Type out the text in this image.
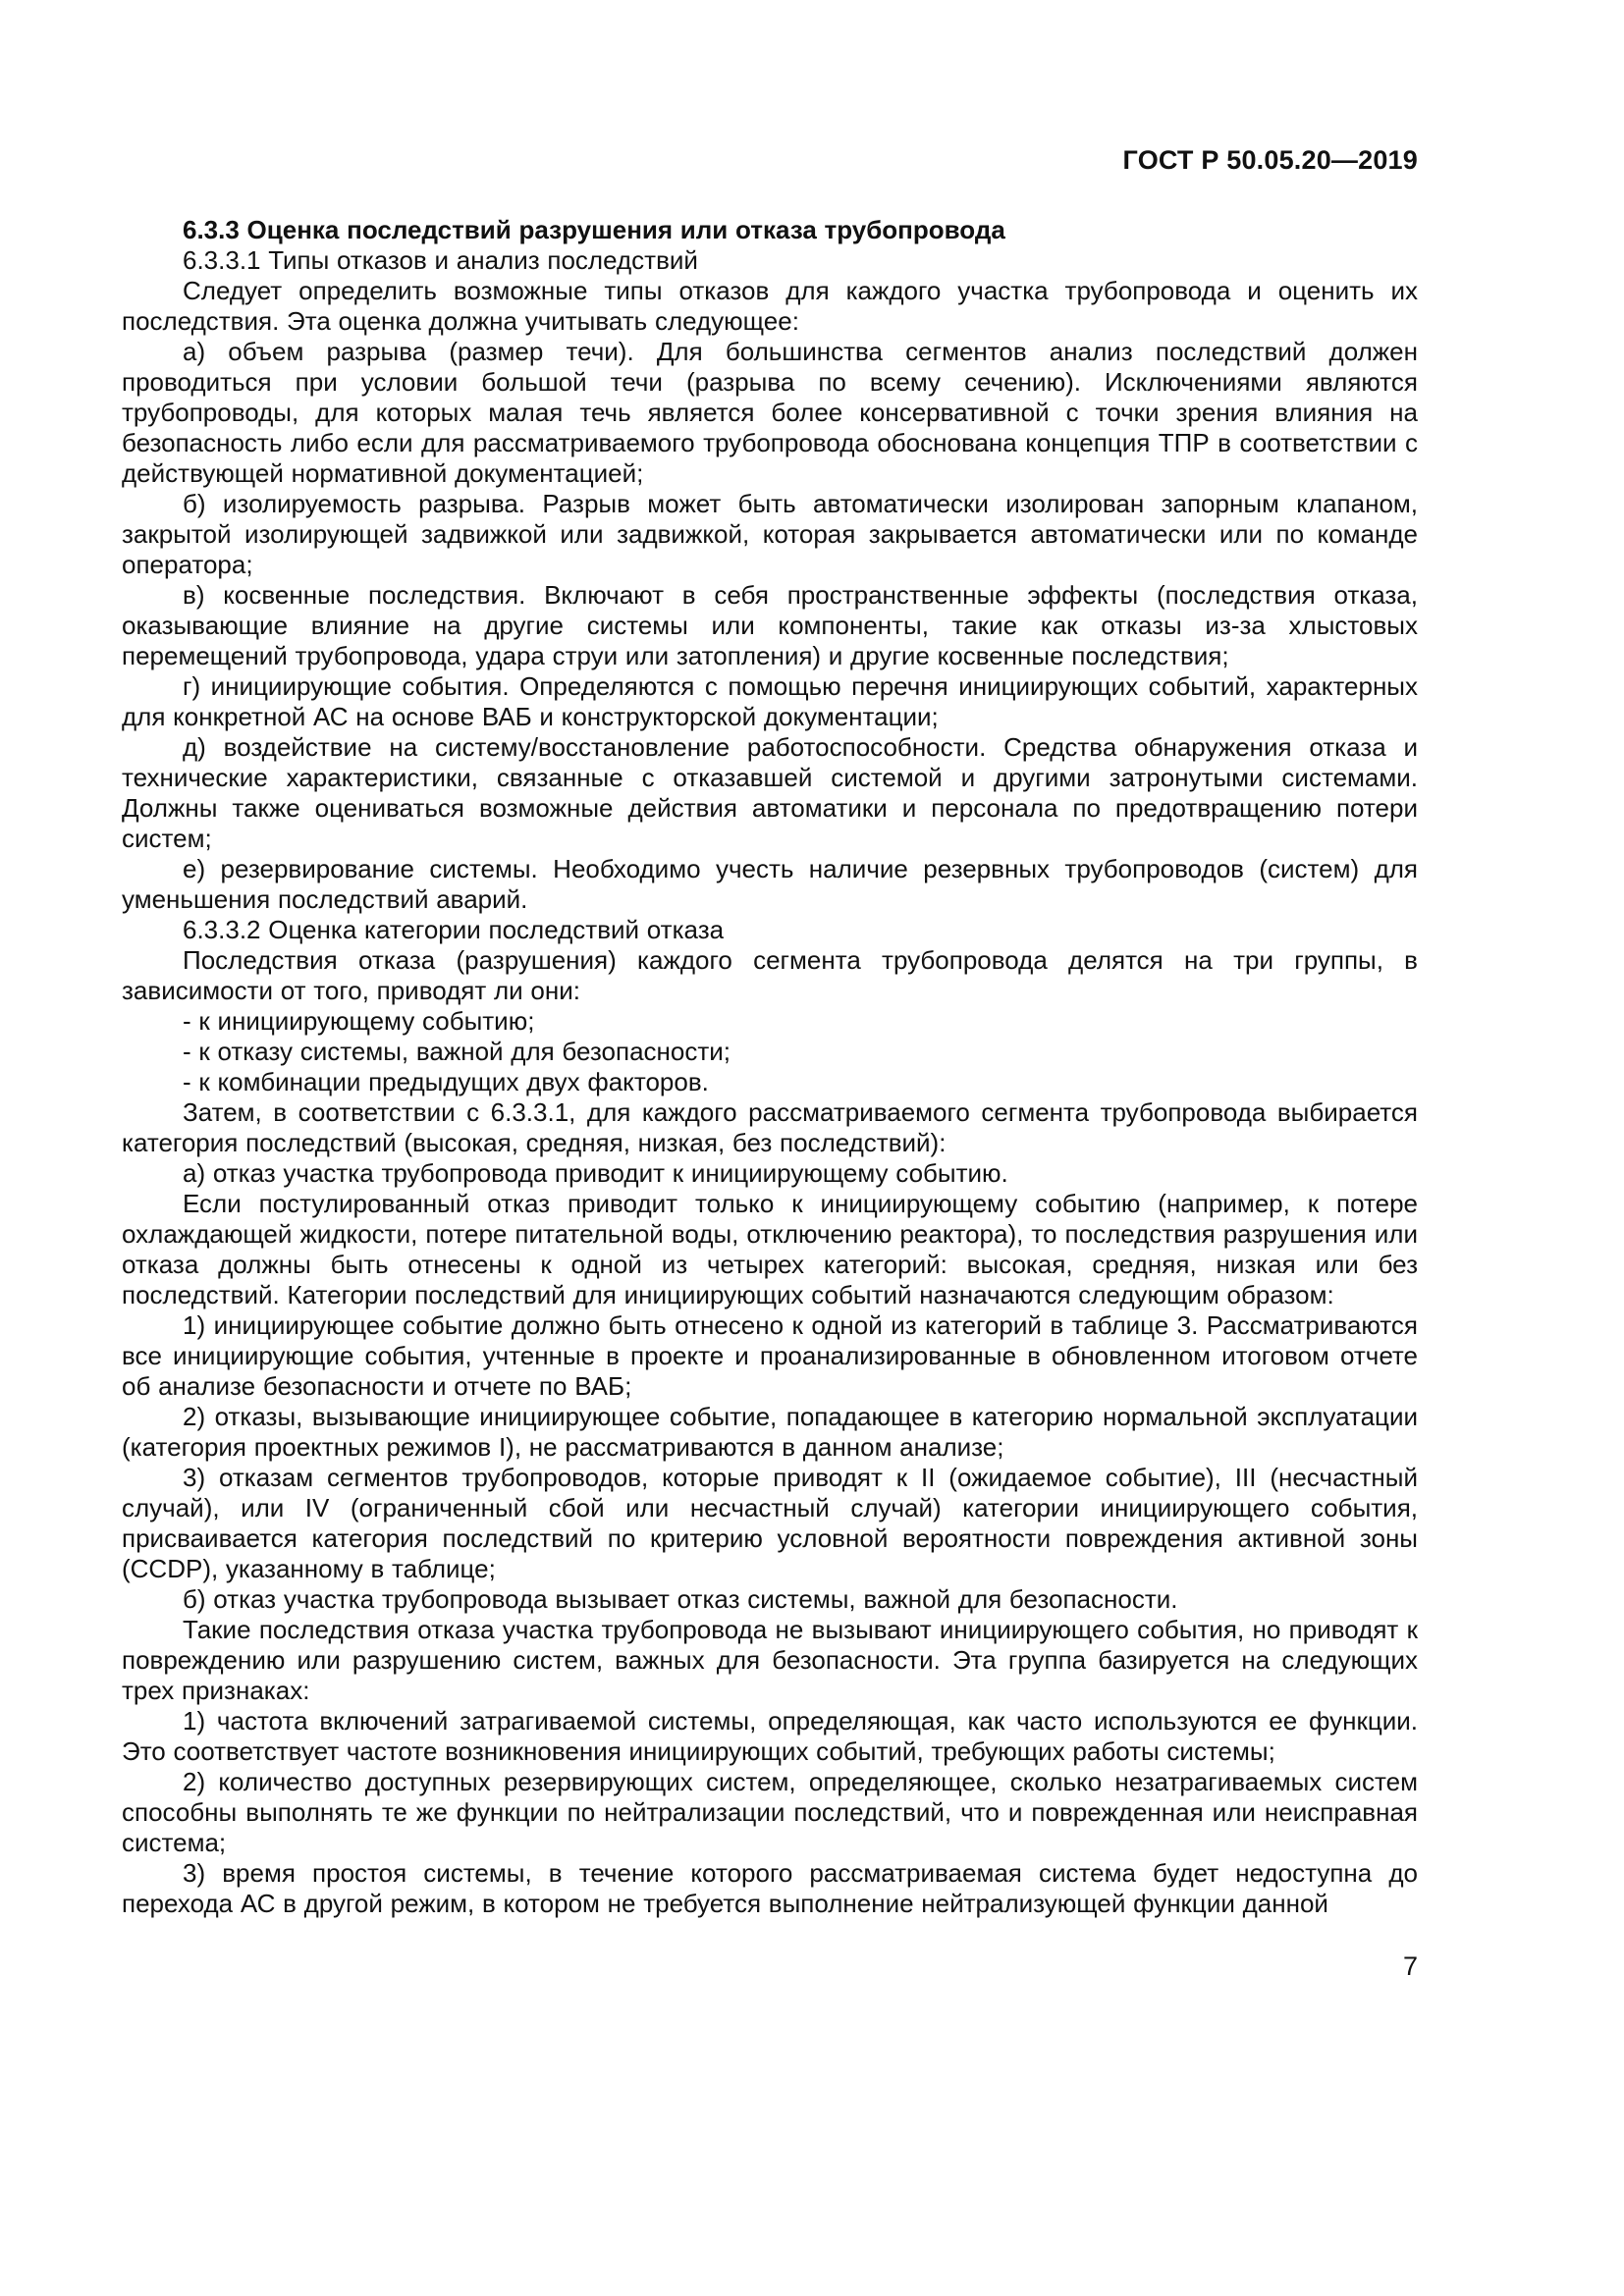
ГОСТ Р 50.05.20—2019

6.3.3 Оценка последствий разрушения или отказа трубопровода

6.3.3.1 Типы отказов и анализ последствий

Следует определить возможные типы отказов для каждого участка трубопровода и оценить их последствия. Эта оценка должна учитывать следующее:

а) объем разрыва (размер течи). Для большинства сегментов анализ последствий должен проводиться при условии большой течи (разрыва по всему сечению). Исключениями являются трубопроводы, для которых малая течь является более консервативной с точки зрения влияния на безопасность либо если для рассматриваемого трубопровода обоснована концепция ТПР в соответствии с действующей нормативной документацией;

б) изолируемость разрыва. Разрыв может быть автоматически изолирован запорным клапаном, закрытой изолирующей задвижкой или задвижкой, которая закрывается автоматически или по команде оператора;

в) косвенные последствия. Включают в себя пространственные эффекты (последствия отказа, оказывающие влияние на другие системы или компоненты, такие как отказы из-за хлыстовых перемещений трубопровода, удара струи или затопления) и другие косвенные последствия;

г) инициирующие события. Определяются с помощью перечня инициирующих событий, характерных для конкретной АС на основе ВАБ и конструкторской документации;

д) воздействие на систему/восстановление работоспособности. Средства обнаружения отказа и технические характеристики, связанные с отказавшей системой и другими затронутыми системами. Должны также оцениваться возможные действия автоматики и персонала по предотвращению потери систем;

е) резервирование системы. Необходимо учесть наличие резервных трубопроводов (систем) для уменьшения последствий аварий.

6.3.3.2 Оценка категории последствий отказа

Последствия отказа (разрушения) каждого сегмента трубопровода делятся на три группы, в зависимости от того, приводят ли они:

- к инициирующему событию;

- к отказу системы, важной для безопасности;

- к комбинации предыдущих двух факторов.

Затем, в соответствии с 6.3.3.1, для каждого рассматриваемого сегмента трубопровода выбирается категория последствий (высокая, средняя, низкая, без последствий):

а) отказ участка трубопровода приводит к инициирующему событию.

Если постулированный отказ приводит только к инициирующему событию (например, к потере охлаждающей жидкости, потере питательной воды, отключению реактора), то последствия разрушения или отказа должны быть отнесены к одной из четырех категорий: высокая, средняя, низкая или без последствий. Категории последствий для инициирующих событий назначаются следующим образом:

1) инициирующее событие должно быть отнесено к одной из категорий в таблице 3. Рассматриваются все инициирующие события, учтенные в проекте и проанализированные в обновленном итоговом отчете об анализе безопасности и отчете по ВАБ;

2) отказы, вызывающие инициирующее событие, попадающее в категорию нормальной эксплуатации (категория проектных режимов I), не рассматриваются в данном анализе;

3) отказам сегментов трубопроводов, которые приводят к II (ожидаемое событие), III (несчастный случай), или IV (ограниченный сбой или несчастный случай) категории инициирующего события, присваивается категория последствий по критерию условной вероятности повреждения активной зоны (CCDP), указанному в таблице;

б) отказ участка трубопровода вызывает отказ системы, важной для безопасности.

Такие последствия отказа участка трубопровода не вызывают инициирующего события, но приводят к повреждению или разрушению систем, важных для безопасности. Эта группа базируется на следующих трех признаках:

1) частота включений затрагиваемой системы, определяющая, как часто используются ее функции. Это соответствует частоте возникновения инициирующих событий, требующих работы системы;

2) количество доступных резервирующих систем, определяющее, сколько незатрагиваемых систем способны выполнять те же функции по нейтрализации последствий, что и поврежденная или неисправная система;

3) время простоя системы, в течение которого рассматриваемая система будет недоступна до перехода АС в другой режим, в котором не требуется выполнение нейтрализующей функции данной

7
